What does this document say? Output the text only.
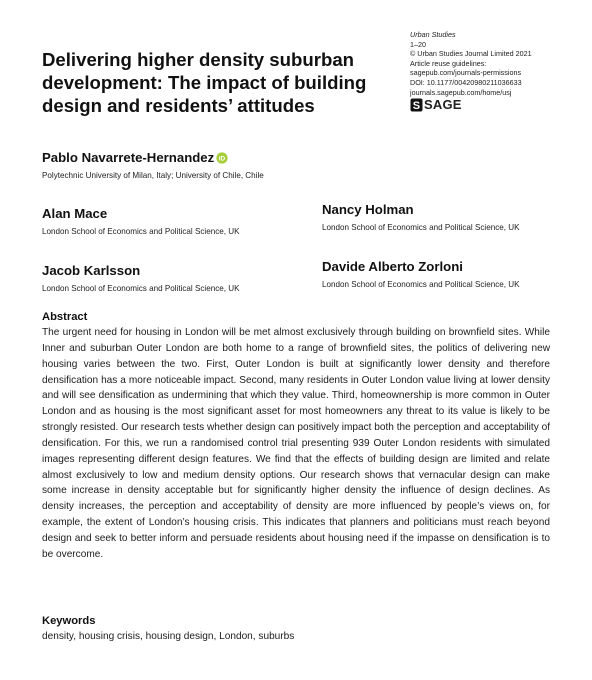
Delivering higher density suburban
development: The impact of building
design and residents’ attitudes
Urban Studies
1–20
© Urban Studies Journal Limited 2021
Article reuse guidelines:
sagepub.com/journals-permissions
DOI: 10.1177/00420980211036633
journals.sagepub.com/home/usj
S SAGE
Pablo Navarrete-Hernandez iD
Polytechnic University of Milan, Italy; University of Chile, Chile
Alan Mace
London School of Economics and Political Science, UK
Nancy Holman
London School of Economics and Political Science, UK
Jacob Karlsson
London School of Economics and Political Science, UK
Davide Alberto Zorloni
London School of Economics and Political Science, UK
Abstract
The urgent need for housing in London will be met almost exclusively through building on brownfield sites. While Inner and suburban Outer London are both home to a range of brownfield sites, the politics of delivering new housing varies between the two. First, Outer London is built at significantly lower density and therefore densification has a more noticeable impact. Second, many residents in Outer London value living at lower density and will see densification as undermining that which they value. Third, homeownership is more common in Outer London and as housing is the most significant asset for most homeowners any threat to its value is likely to be strongly resisted. Our research tests whether design can positively impact both the perception and acceptability of densification. For this, we run a randomised control trial presenting 939 Outer London residents with simulated images representing different design features. We find that the effects of building design are limited and relate almost exclusively to low and medium density options. Our research shows that vernacular design can make some increase in density acceptable but for significantly higher density the influence of design declines. As density increases, the perception and acceptability of density are more influenced by people’s views on, for example, the extent of London’s housing crisis. This indicates that planners and politicians must reach beyond design and seek to better inform and persuade residents about housing need if the impasse on densification is to be overcome.
Keywords
density, housing crisis, housing design, London, suburbs
